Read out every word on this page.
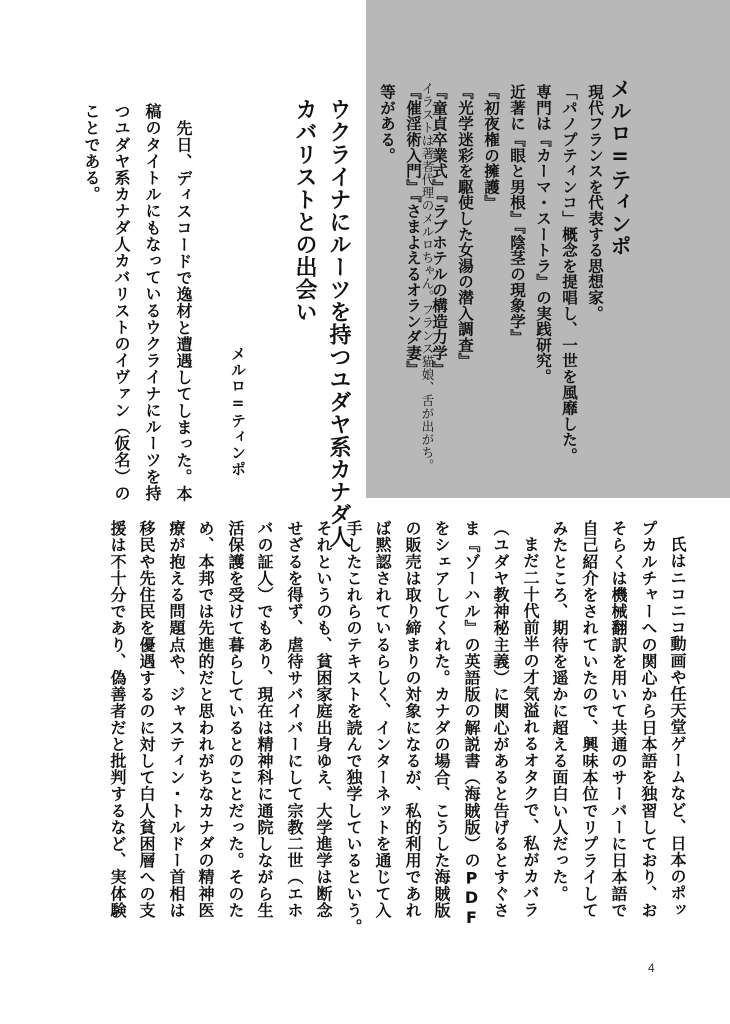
メルロ=ティンポ

現代フランスを代表する思想家。

「パノプティンコ」概念を提唱し、一世を風靡した。

専門は『カーマ・スートラ』の実践研究。

近著に『眼と男根』『陰茎の現象学』

『初夜権の擁護』

『光学迷彩を駆使した女湯の潜入調査』

『童貞卒業式』『ラブホテルの構造力学』

『催淫術入門』『さまよえるオランダ妻』

等がある。 イラストは著者代理のメルロちゃん。フランス猫娘、舌が出がち。

ウクライナにルーツを持つユダヤ系カナダ人

カバリストとの出会い

メルロ=ティンポ

先日、ディスコードで逸材と遭遇してしまった。本

稿のタイトルにもなっているウクライナにルーツを持

つユダヤ系カナダ人カバリストのイヴァン（仮名）の

ことである。

氏はニコニコ動画や任天堂ゲームなど、日本のポッ

プカルチャーへの関心から日本語を独習しており、お

そらくは機械翻訳を用いて共通のサーバーに日本語で

自己紹介をされていたので、興味本位でリプライして

みたところ、期待を遥かに超える面白い人だった。

まだ二十代前半の才気溢れるオタクで、私がカバラ

（ユダヤ教神秘主義）に関心があると告げるとすぐさ

ま『ゾーハル』の英語版の解説書（海賊版）のPDF

をシェアしてくれた。カナダの場合、こうした海賊版

の販売は取り締まりの対象になるが、私的利用であれ

ば黙認されているらしく、インターネットを通じて入

手したこれらのテキストを読んで独学しているという。

それというのも、貧困家庭出身ゆえ、大学進学は断念

せざるを得ず、虐待サバイバーにして宗教二世（エホ

バの証人）でもあり、現在は精神科に通院しながら生

活保護を受けて暮らしているとのことだった。そのた

め、本邦では先進的だと思われがちなカナダの精神医

療が抱える問題点や、ジャスティン・トルドー首相は

移民や先住民を優遇するのに対して白人貧困層への支

援は不十分であり、偽善者だと批判するなど、実体験

4
